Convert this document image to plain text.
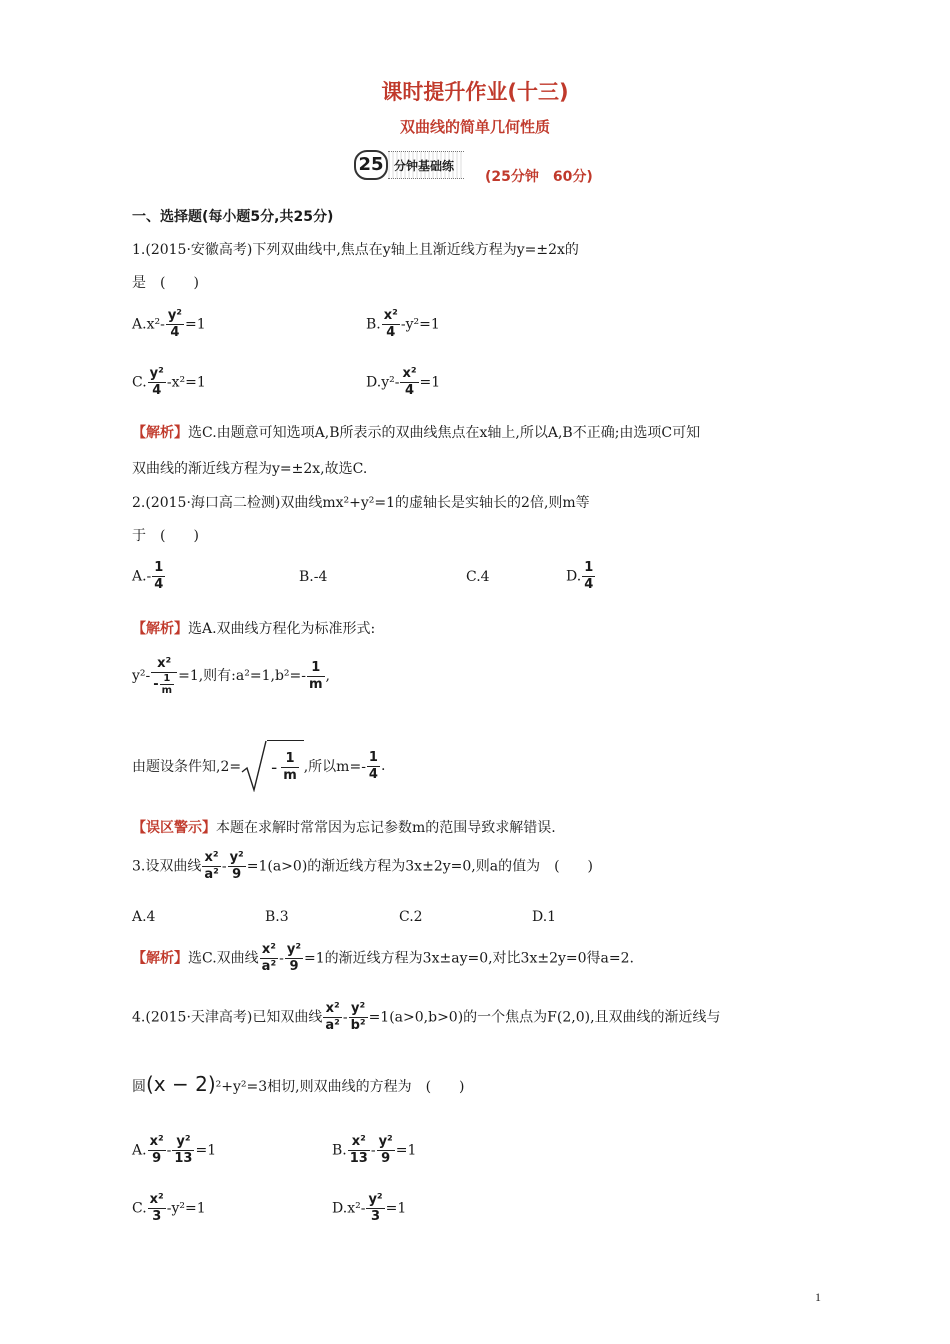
课时提升作业(十三)
双曲线的简单几何性质
25 分钟基础练
(25分钟　60分)
一、选择题(每小题5分,共25分)
1.(2015·安徽高考)下列双曲线中,焦点在y轴上且渐近线方程为y=±2x的
是　(　　)
$A.x^2- \frac{\text{y²}}{4} =1$	B. $\frac{\text{x²}}{4} -y^2=1$
C. $\frac{\text{y²}}{4} -x^2=1$	$D.y^2- \frac{\text{x²}}{4} =1$
【解析】选C.由题意可知选项A,B所表示的双曲线焦点在x轴上,所以A,B不正确;由选项C可知
双曲线的渐近线方程为y=±2x,故选C.
2.(2015·海口高二检测)双曲线mx²+y²=1的虚轴长是实轴长的2倍,则m等
于　(　　)
$A.- \frac{1}{4}$	B.-4	C.4	D. $\frac{1}{4}$
【解析】选A.双曲线方程化为标准形式:
$y^2- \frac{\text{x²}}{- \frac{1}{m}} =1$,则有:a²=1,b²=- $\frac{1}{m}$ ,
由题设条件知$,2= - \frac{1}{m}$ ,所以$m=- \frac{1}{4}$ .
【误区警示】本题在求解时常常因为忘记参数m的范围导致求解错误.
3.设双曲线 $\frac{\text{x²}}{\text{a²}} - \frac{\text{y²}}{9} =1(a>0)$的渐近线方程为3x±2y=0,则a的值为　(　　)
A.4	B.3	C.2	D.1
【解析】选C.双曲线 $\frac{\text{x²}}{\text{a²}} - \frac{\text{y²}}{9} =1$的渐近线方程为3x±ay=0,对比3x±2y=0得a=2.
4.(2015·天津高考)已知双曲线 $\frac{\text{x²}}{\text{a²}} - \frac{\text{y²}}{\text{b²}} =1(a>0,b>0)$的一个焦点为F(2,0),且双曲线的渐近线与
圆(x − 2)²+y²=3相切,则双曲线的方程为　(　　)
A. $\frac{\text{x²}}{9} - \frac{\text{y²}}{13} =1$	B. $\frac{\text{x²}}{13} - \frac{\text{y²}}{9} =1$
C. $\frac{\text{x²}}{3} -y^2=1$	$D.x^2- \frac{\text{y²}}{3} =1$
1
